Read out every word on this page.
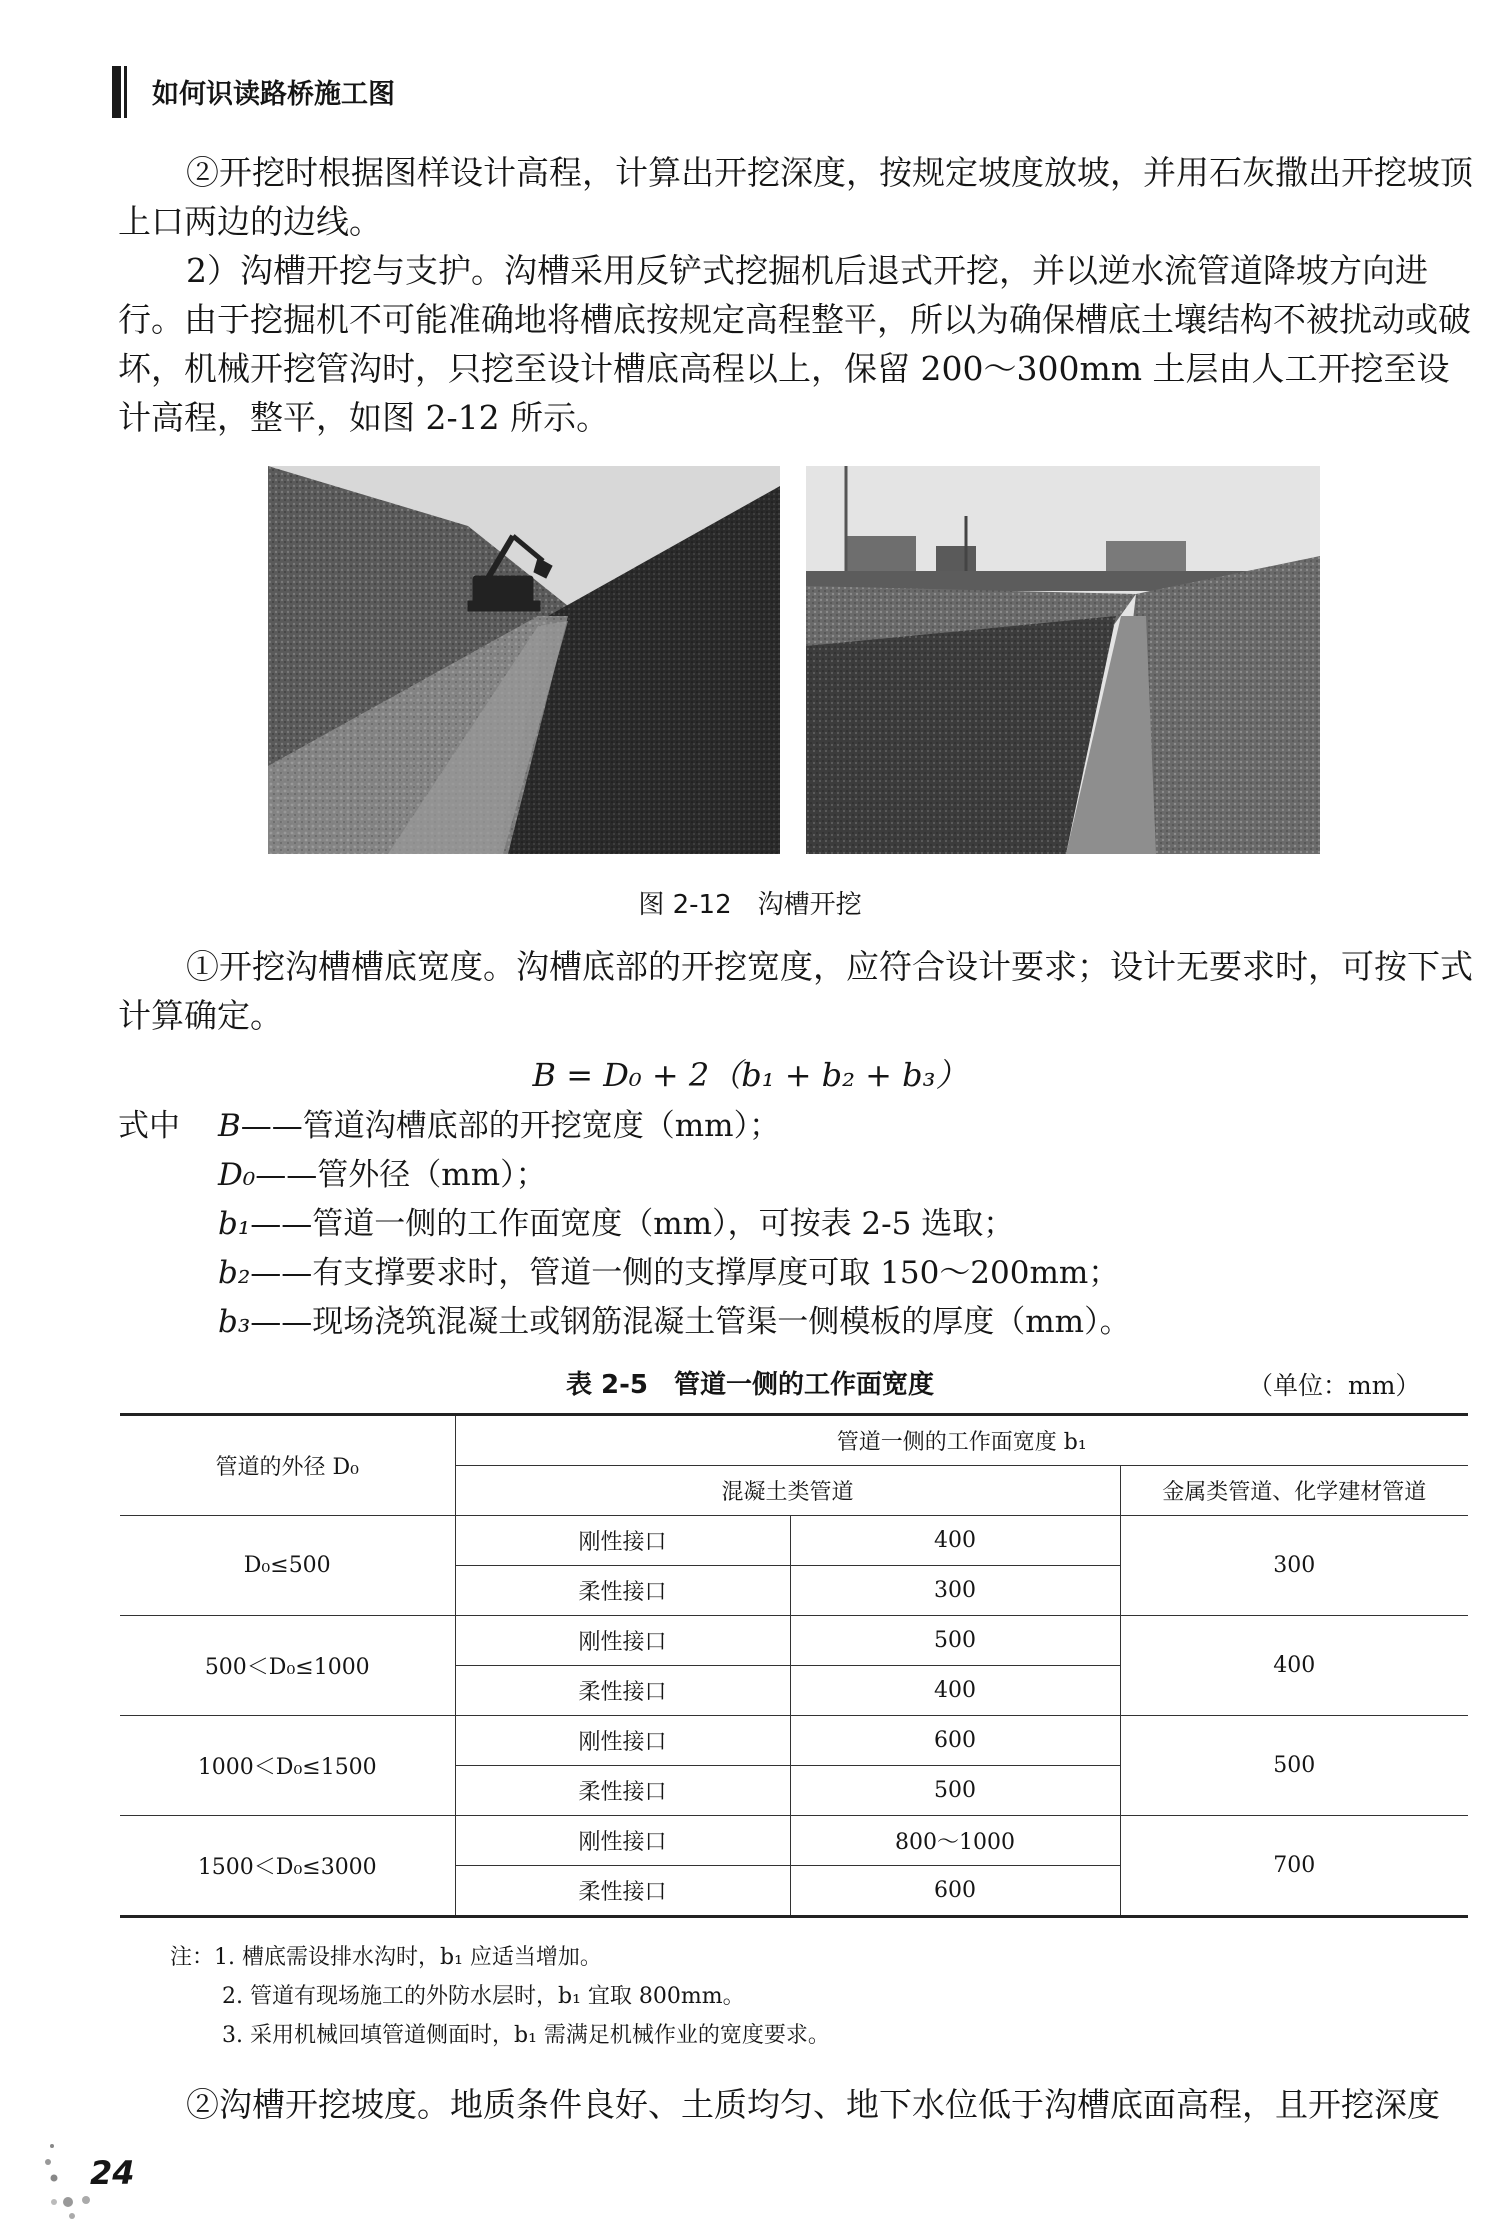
如何识读路桥施工图

②开挖时根据图样设计高程，计算出开挖深度，按规定坡度放坡，并用石灰撒出开挖坡顶上口两边的边线。

2）沟槽开挖与支护。沟槽采用反铲式挖掘机后退式开挖，并以逆水流管道降坡方向进行。由于挖掘机不可能准确地将槽底按规定高程整平，所以为确保槽底土壤结构不被扰动或破坏，机械开挖管沟时，只挖至设计槽底高程以上，保留 200～300mm 土层由人工开挖至设计高程，整平，如图 2-12 所示。

图 2-12　沟槽开挖

①开挖沟槽槽底宽度。沟槽底部的开挖宽度，应符合设计要求；设计无要求时，可按下式计算确定。

B = D₀ + 2（b₁ + b₂ + b₃）
式中 B——管道沟槽底部的开挖宽度（mm）；
D₀——管外径（mm）；
b₁——管道一侧的工作面宽度（mm），可按表 2-5 选取；
b₂——有支撑要求时，管道一侧的支撑厚度可取 150～200mm；
b₃——现场浇筑混凝土或钢筋混凝土管渠一侧模板的厚度（mm）。
表 2-5　管道一侧的工作面宽度	（单位：mm）
管道的外径 D₀	管道一侧的工作面宽度 b₁		
	混凝土类管道		金属类管道、化学建材管道
D₀≤500	刚性接口	400	300
	柔性接口	300	
500＜D₀≤1000	刚性接口	500	400
	柔性接口	400	
1000＜D₀≤1500	刚性接口	600	500
	柔性接口	500	
1500＜D₀≤3000	刚性接口	800～1000	700
	柔性接口	600	
注：1. 槽底需设排水沟时，b₁ 应适当增加。
2. 管道有现场施工的外防水层时，b₁ 宜取 800mm。
3. 采用机械回填管道侧面时，b₁ 需满足机械作业的宽度要求。

②沟槽开挖坡度。地质条件良好、土质均匀、地下水位低于沟槽底面高程，且开挖深度

24
